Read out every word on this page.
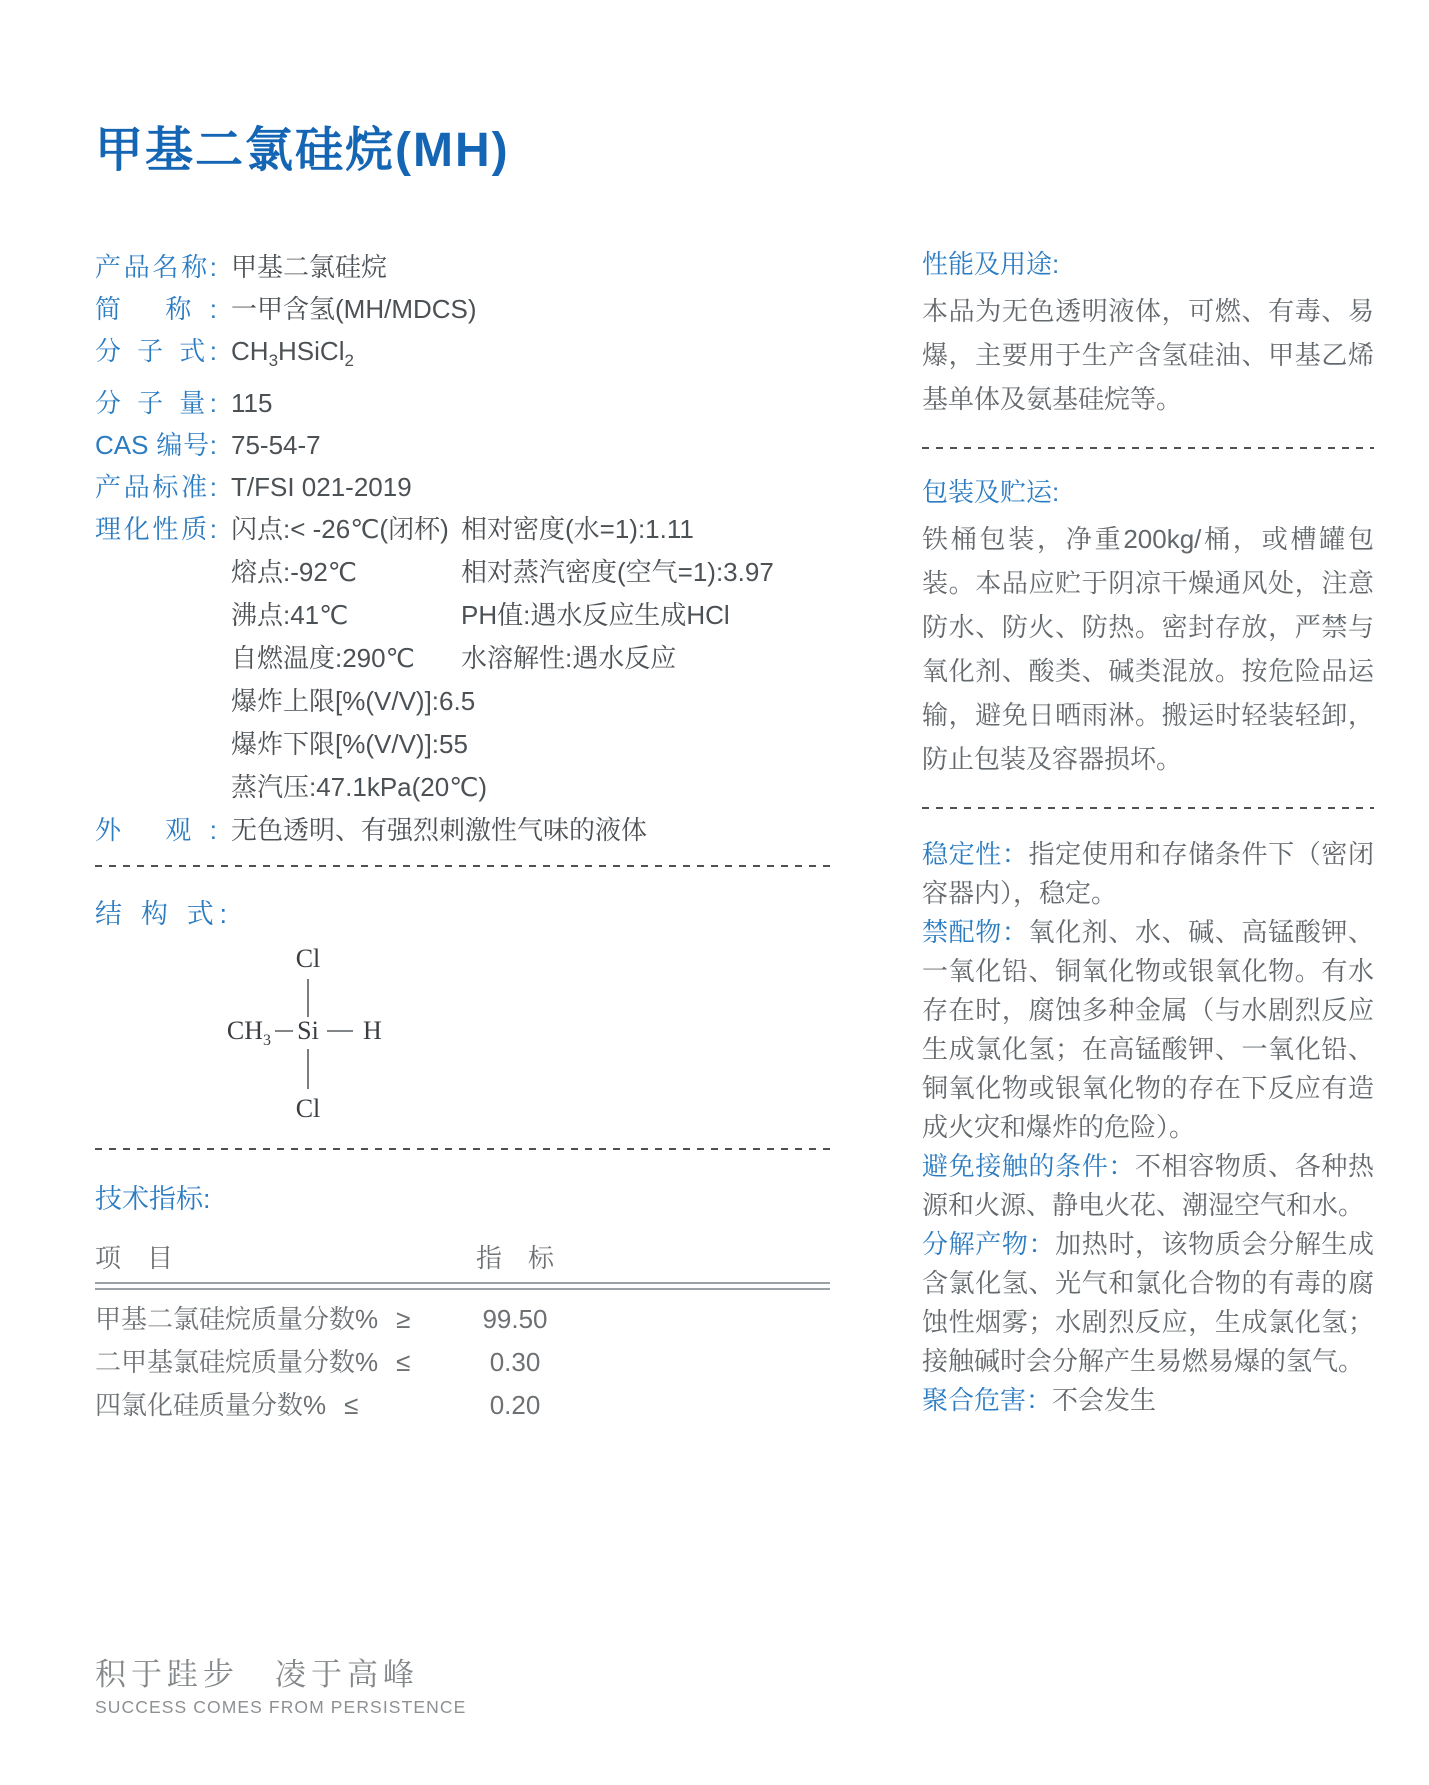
甲基二氯硅烷(MH)
产品名称: 甲基二氯硅烷
简 称: 一甲含氢(MH/MDCS)
分 子 式: $CH_3HSiCl_2$
分 子 量: 115
CAS 编号: 75-54-7
产品标准: T/FSI 021-2019
理化性质: 闪点:< -26℃(闭杯) 相对密度(水=1):1.11
熔点:-92℃	相对蒸汽密度(空气=1):3.97
沸点:41℃	PH值:遇水反应生成HCl
自燃温度:290℃	水溶解性:遇水反应
爆炸上限[%(V/V)]:6.5
爆炸下限[%(V/V)]:55
蒸汽压:47.1kPa(20℃)
外 观: 无色透明、有强烈刺激性气味的液体
结 构 式:
Cl
$CH_3$ Si H
Cl
技术指标:
项　目	指　标
甲基二氯硅烷质量分数% ≥	99.50
二甲基氯硅烷质量分数% ≤	0.30
四氯化硅质量分数% ≤	0.20
性能及用途:

本品为无色透明液体，可燃、有毒、易爆，主要用于生产含氢硅油、甲基乙烯基单体及氨基硅烷等。

包装及贮运:

铁桶包装，净重200kg/桶，或槽罐包装。本品应贮于阴凉干燥通风处，注意防水、防火、防热。密封存放，严禁与氧化剂、酸类、碱类混放。按危险品运输，避免日晒雨淋。搬运时轻装轻卸，防止包装及容器损坏。

稳定性：指定使用和存储条件下（密闭容器内），稳定。

禁配物：氧化剂、水、碱、高锰酸钾、一氧化铅、铜氧化物或银氧化物。有水存在时，腐蚀多种金属（与水剧烈反应生成氯化氢；在高锰酸钾、一氧化铅、铜氧化物或银氧化物的存在下反应有造成火灾和爆炸的危险）。

避免接触的条件：不相容物质、各种热源和火源、静电火花、潮湿空气和水。

分解产物：加热时，该物质会分解生成含氯化氢、光气和氯化合物的有毒的腐蚀性烟雾；水剧烈反应，生成氯化氢；接触碱时会分解产生易燃易爆的氢气。

聚合危害：不会发生

积于跬步　凌于高峰
SUCCESS COMES FROM PERSISTENCE
